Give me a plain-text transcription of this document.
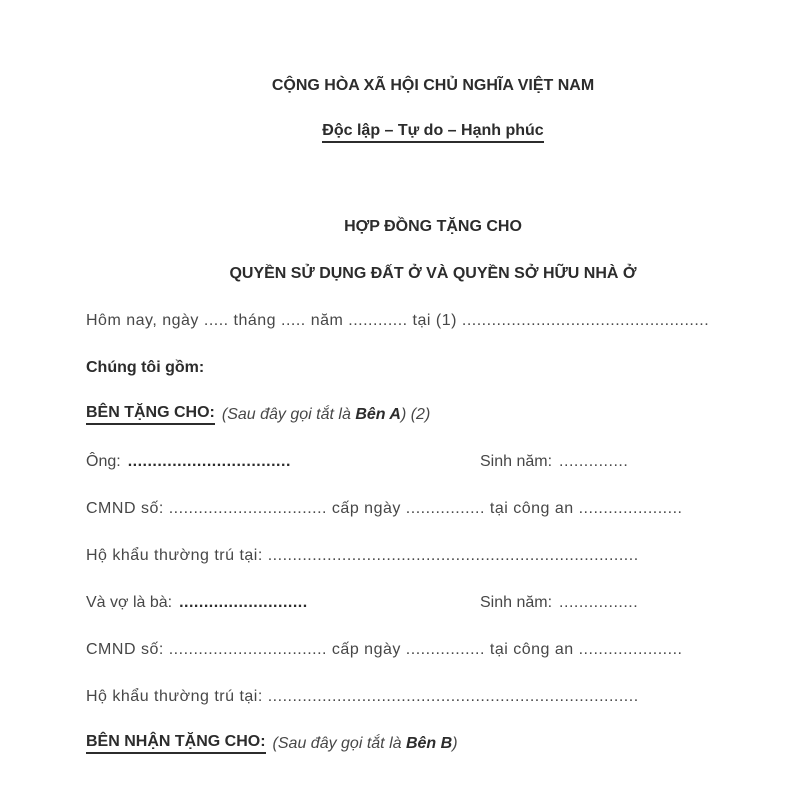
CỘNG HÒA XÃ HỘI CHỦ NGHĨA VIỆT NAM
Độc lập – Tự do – Hạnh phúc
HỢP ĐỒNG TẶNG CHO
QUYỀN SỬ DỤNG ĐẤT Ở VÀ QUYỀN SỞ HỮU NHÀ Ở
Hôm nay, ngày ..... tháng ..... năm ............ tại (1) ..................................................
Chúng tôi gồm:
BÊN TẶNG CHO: (Sau đây gọi tắt là Bên A) (2)
Ông: .................................	Sinh năm: ..............
CMND số: ................................ cấp ngày ................ tại công an .....................
Hộ khẩu thường trú tại: ...........................................................................
Và vợ là bà: ..........................	Sinh năm: ................
CMND số: ................................ cấp ngày ................ tại công an .....................
Hộ khẩu thường trú tại: ...........................................................................
BÊN NHẬN TẶNG CHO: (Sau đây gọi tắt là Bên B)
